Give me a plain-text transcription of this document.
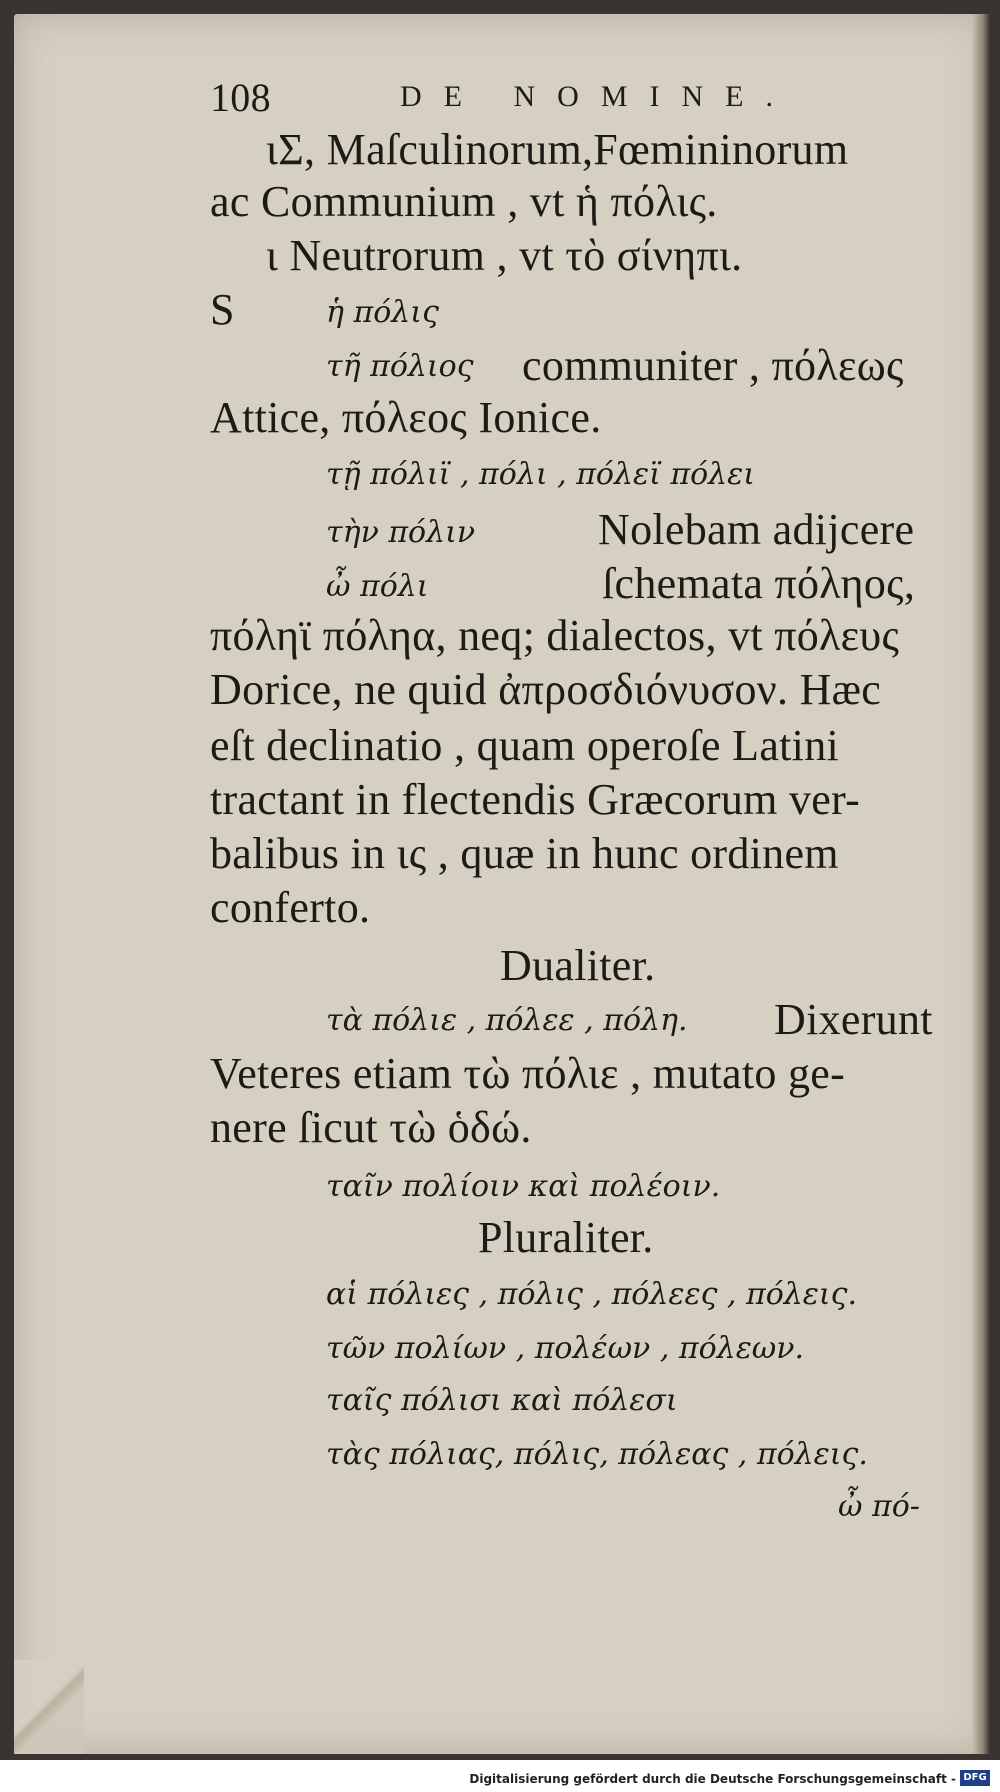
108	DE NOMINE.
ιΣ, Maſculinorum,Fœmininorum
ac Communium , vt ἡ πόλις.
ι Neutrorum , vt τὸ σίνηπι.
S	ἡ πόλις
τῆ πόλιος communiter , πόλεως
Attice, πόλεος Ionice.
τῇ πόλιϊ , πόλι , πόλεϊ πόλει
τὴν πόλιν	Nolebam adijcere
ὦ πόλι	ſchemata πόληος,
πόληϊ πόληα, neq; dialectos, vt πόλευς
Dorice, ne quid ἀπροσδιόνυσον. Hæc
eſt declinatio , quam operoſe Latini
tractant in flectendis Græcorum ver-
balibus in ις , quæ in hunc ordinem
conferto.
Dualiter.
τὰ πόλιε , πόλεε , πόλη. Dixerunt
Veteres etiam τὼ πόλιε , mutato ge-
nere ſicut τὼ ὁδώ.
ταῖν πολίοιν καὶ πολέοιν.
Pluraliter.
αἱ πόλιες , πόλις , πόλεες , πόλεις.
τῶν πολίων , πολέων , πόλεων.
ταῖς πόλισι καὶ πόλεσι
τὰς πόλιας, πόλις, πόλεας , πόλεις.
ὦ πό-
Digitalisierung gefördert durch die Deutsche Forschungsgemeinschaft - DFG
